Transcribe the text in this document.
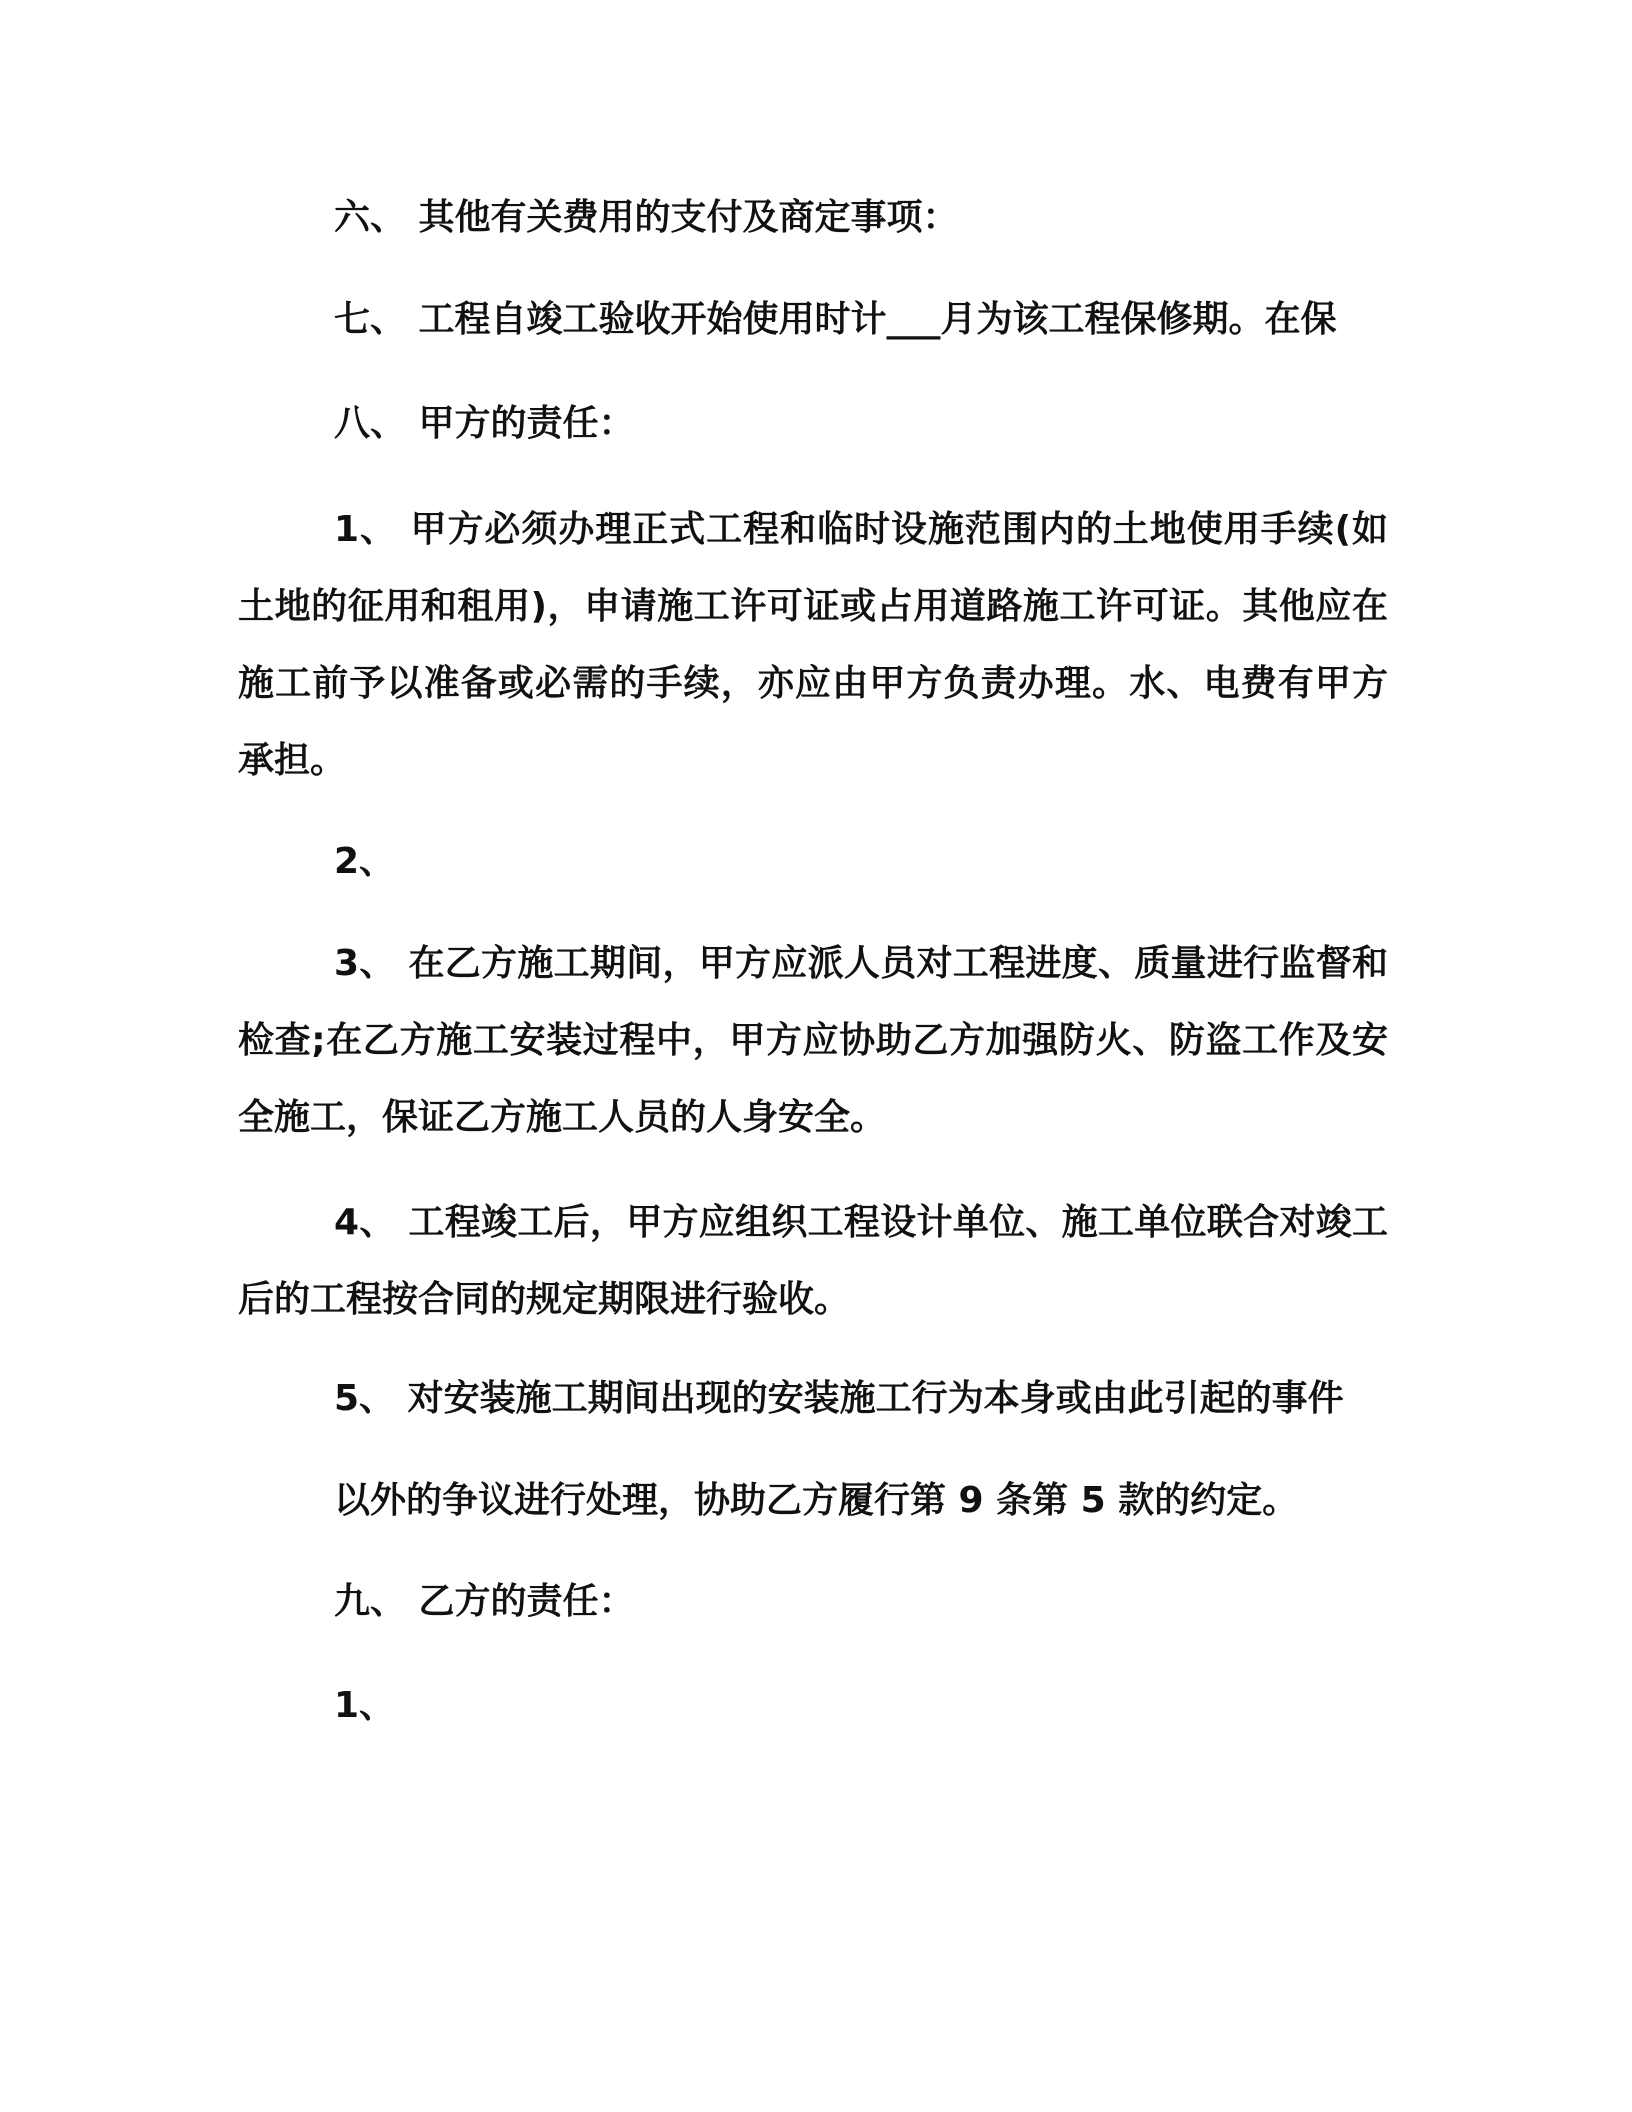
六、 其他有关费用的支付及商定事项：
七、 工程自竣工验收开始使用时计___月为该工程保修期。在保
八、 甲方的责任：
1、 甲方必须办理正式工程和临时设施范围内的土地使用手续(如土地的征用和租用)，申请施工许可证或占用道路施工许可证。其他应在施工前予以准备或必需的手续，亦应由甲方负责办理。水、电费有甲方承担。
2、
3、 在乙方施工期间，甲方应派人员对工程进度、质量进行监督和检查;在乙方施工安装过程中，甲方应协助乙方加强防火、防盗工作及安全施工，保证乙方施工人员的人身安全。
4、 工程竣工后，甲方应组织工程设计单位、施工单位联合对竣工后的工程按合同的规定期限进行验收。
5、 对安装施工期间出现的安装施工行为本身或由此引起的事件
以外的争议进行处理，协助乙方履行第 9 条第 5 款的约定。
九、 乙方的责任：
1、
